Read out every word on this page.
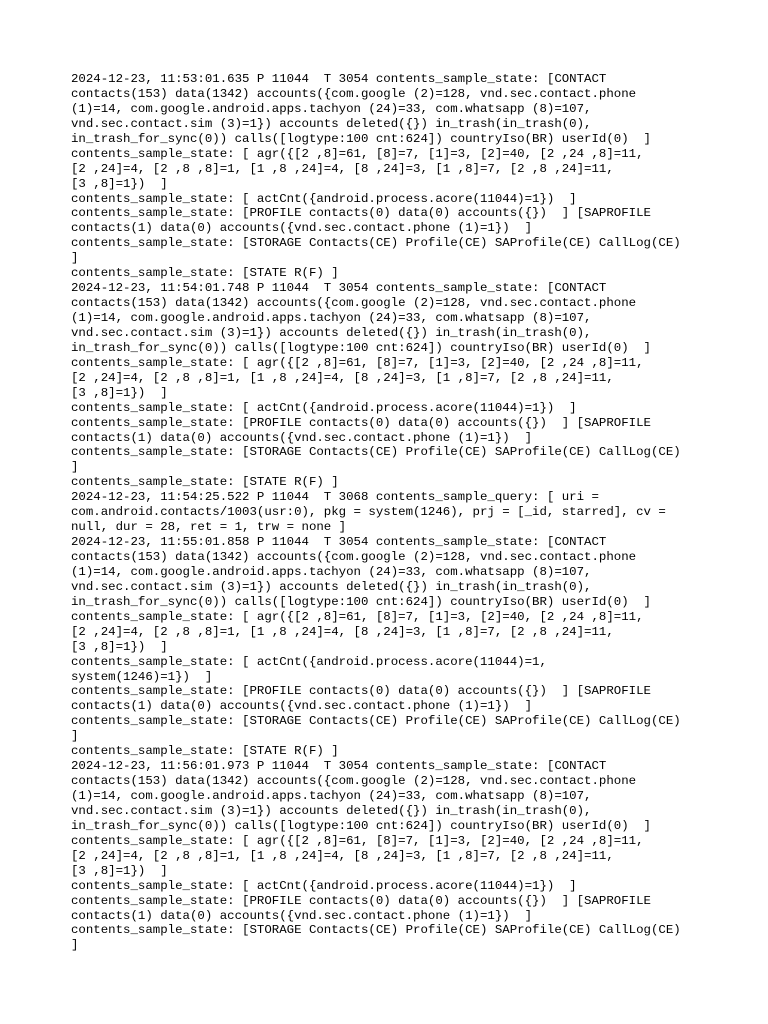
2024-12-23, 11:53:01.635 P 11044  T 3054 contents_sample_state: [CONTACT
contacts(153) data(1342) accounts({com.google (2)=128, vnd.sec.contact.phone
(1)=14, com.google.android.apps.tachyon (24)=33, com.whatsapp (8)=107,
vnd.sec.contact.sim (3)=1}) accounts deleted({}) in_trash(in_trash(0),
in_trash_for_sync(0)) calls([logtype:100 cnt:624]) countryIso(BR) userId(0)  ]
contents_sample_state: [ agr({[2 ,8]=61, [8]=7, [1]=3, [2]=40, [2 ,24 ,8]=11,
[2 ,24]=4, [2 ,8 ,8]=1, [1 ,8 ,24]=4, [8 ,24]=3, [1 ,8]=7, [2 ,8 ,24]=11,
[3 ,8]=1})  ]
contents_sample_state: [ actCnt({android.process.acore(11044)=1})  ]
contents_sample_state: [PROFILE contacts(0) data(0) accounts({})  ] [SAPROFILE
contacts(1) data(0) accounts({vnd.sec.contact.phone (1)=1})  ]
contents_sample_state: [STORAGE Contacts(CE) Profile(CE) SAProfile(CE) CallLog(CE)
]
contents_sample_state: [STATE R(F) ]
2024-12-23, 11:54:01.748 P 11044  T 3054 contents_sample_state: [CONTACT
contacts(153) data(1342) accounts({com.google (2)=128, vnd.sec.contact.phone
(1)=14, com.google.android.apps.tachyon (24)=33, com.whatsapp (8)=107,
vnd.sec.contact.sim (3)=1}) accounts deleted({}) in_trash(in_trash(0),
in_trash_for_sync(0)) calls([logtype:100 cnt:624]) countryIso(BR) userId(0)  ]
contents_sample_state: [ agr({[2 ,8]=61, [8]=7, [1]=3, [2]=40, [2 ,24 ,8]=11,
[2 ,24]=4, [2 ,8 ,8]=1, [1 ,8 ,24]=4, [8 ,24]=3, [1 ,8]=7, [2 ,8 ,24]=11,
[3 ,8]=1})  ]
contents_sample_state: [ actCnt({android.process.acore(11044)=1})  ]
contents_sample_state: [PROFILE contacts(0) data(0) accounts({})  ] [SAPROFILE
contacts(1) data(0) accounts({vnd.sec.contact.phone (1)=1})  ]
contents_sample_state: [STORAGE Contacts(CE) Profile(CE) SAProfile(CE) CallLog(CE)
]
contents_sample_state: [STATE R(F) ]
2024-12-23, 11:54:25.522 P 11044  T 3068 contents_sample_query: [ uri =
com.android.contacts/1003(usr:0), pkg = system(1246), prj = [_id, starred], cv =
null, dur = 28, ret = 1, trw = none ]
2024-12-23, 11:55:01.858 P 11044  T 3054 contents_sample_state: [CONTACT
contacts(153) data(1342) accounts({com.google (2)=128, vnd.sec.contact.phone
(1)=14, com.google.android.apps.tachyon (24)=33, com.whatsapp (8)=107,
vnd.sec.contact.sim (3)=1}) accounts deleted({}) in_trash(in_trash(0),
in_trash_for_sync(0)) calls([logtype:100 cnt:624]) countryIso(BR) userId(0)  ]
contents_sample_state: [ agr({[2 ,8]=61, [8]=7, [1]=3, [2]=40, [2 ,24 ,8]=11,
[2 ,24]=4, [2 ,8 ,8]=1, [1 ,8 ,24]=4, [8 ,24]=3, [1 ,8]=7, [2 ,8 ,24]=11,
[3 ,8]=1})  ]
contents_sample_state: [ actCnt({android.process.acore(11044)=1,
system(1246)=1})  ]
contents_sample_state: [PROFILE contacts(0) data(0) accounts({})  ] [SAPROFILE
contacts(1) data(0) accounts({vnd.sec.contact.phone (1)=1})  ]
contents_sample_state: [STORAGE Contacts(CE) Profile(CE) SAProfile(CE) CallLog(CE)
]
contents_sample_state: [STATE R(F) ]
2024-12-23, 11:56:01.973 P 11044  T 3054 contents_sample_state: [CONTACT
contacts(153) data(1342) accounts({com.google (2)=128, vnd.sec.contact.phone
(1)=14, com.google.android.apps.tachyon (24)=33, com.whatsapp (8)=107,
vnd.sec.contact.sim (3)=1}) accounts deleted({}) in_trash(in_trash(0),
in_trash_for_sync(0)) calls([logtype:100 cnt:624]) countryIso(BR) userId(0)  ]
contents_sample_state: [ agr({[2 ,8]=61, [8]=7, [1]=3, [2]=40, [2 ,24 ,8]=11,
[2 ,24]=4, [2 ,8 ,8]=1, [1 ,8 ,24]=4, [8 ,24]=3, [1 ,8]=7, [2 ,8 ,24]=11,
[3 ,8]=1})  ]
contents_sample_state: [ actCnt({android.process.acore(11044)=1})  ]
contents_sample_state: [PROFILE contacts(0) data(0) accounts({})  ] [SAPROFILE
contacts(1) data(0) accounts({vnd.sec.contact.phone (1)=1})  ]
contents_sample_state: [STORAGE Contacts(CE) Profile(CE) SAProfile(CE) CallLog(CE)
]
